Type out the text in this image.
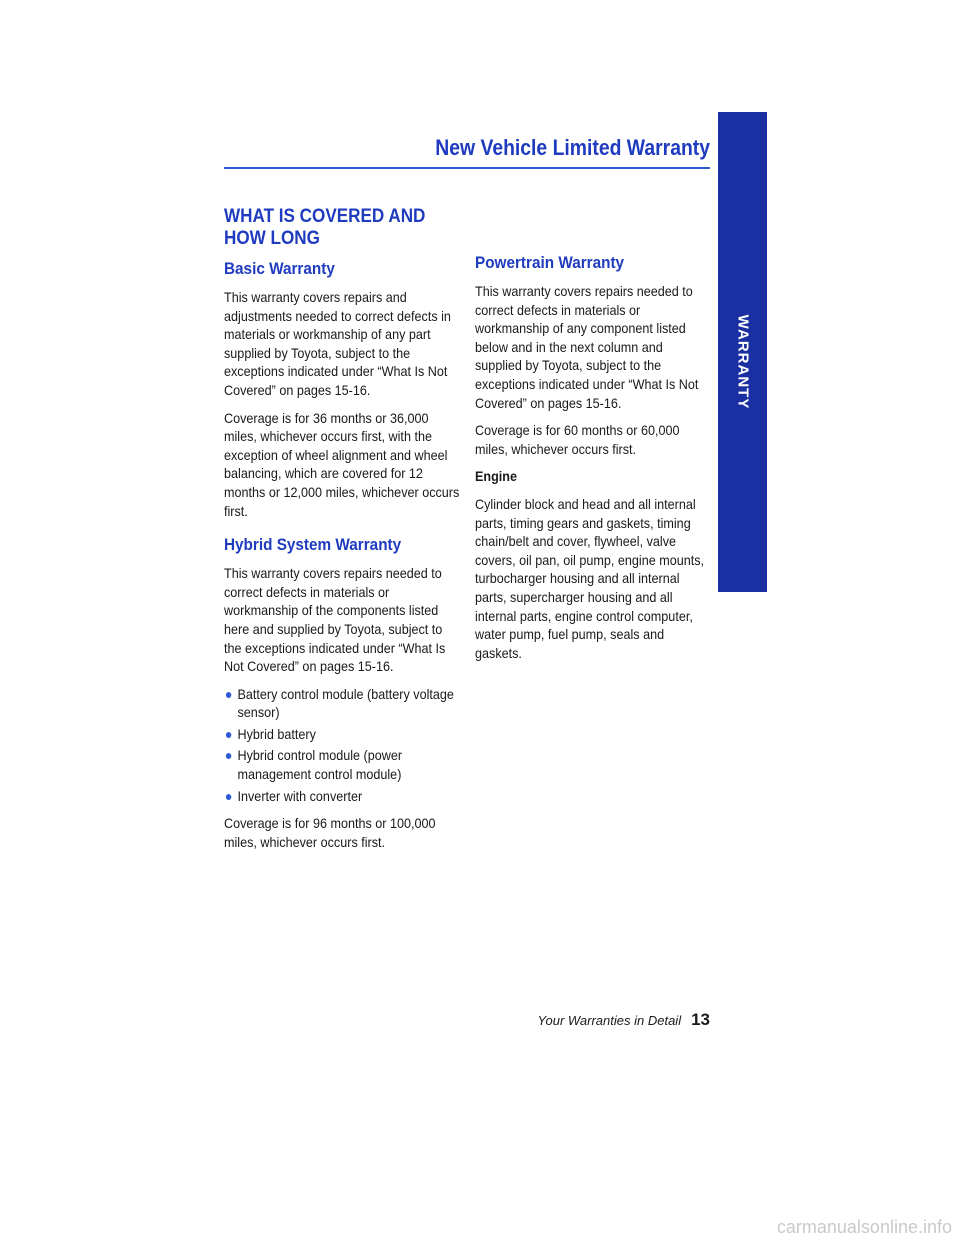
New Vehicle Limited Warranty
WARRANTY
WHAT IS COVERED AND
HOW LONG
Basic Warranty

This warranty covers repairs and adjustments needed to correct defects in materials or workmanship of any part supplied by Toyota, subject to the exceptions indicated under “What Is Not Covered” on pages 15-16.

Coverage is for 36 months or 36,000 miles, whichever occurs first, with the exception of wheel alignment and wheel balancing, which are covered for 12 months or 12,000 miles, whichever occurs first.

Hybrid System Warranty

This warranty covers repairs needed to correct defects in materials or workmanship of the components listed here and supplied by Toyota, subject to the exceptions indicated under “What Is Not Covered” on pages 15-16.

● Battery control module (battery voltage sensor)
● Hybrid battery
● Hybrid control module (power management control module)
● Inverter with converter

Coverage is for 96 months or 100,000 miles, whichever occurs first.

Powertrain Warranty

This warranty covers repairs needed to correct defects in materials or workmanship of any component listed below and in the next column and supplied by Toyota, subject to the exceptions indicated under “What Is Not Covered” on pages 15-16.

Coverage is for 60 months or 60,000 miles, whichever occurs first.

Engine

Cylinder block and head and all internal parts, timing gears and gaskets, timing chain/belt and cover, flywheel, valve covers, oil pan, oil pump, engine mounts, turbocharger housing and all internal parts, supercharger housing and all internal parts, engine control computer, water pump, fuel pump, seals and gaskets.

Your Warranties in Detail 13
carmanualsonline.info
